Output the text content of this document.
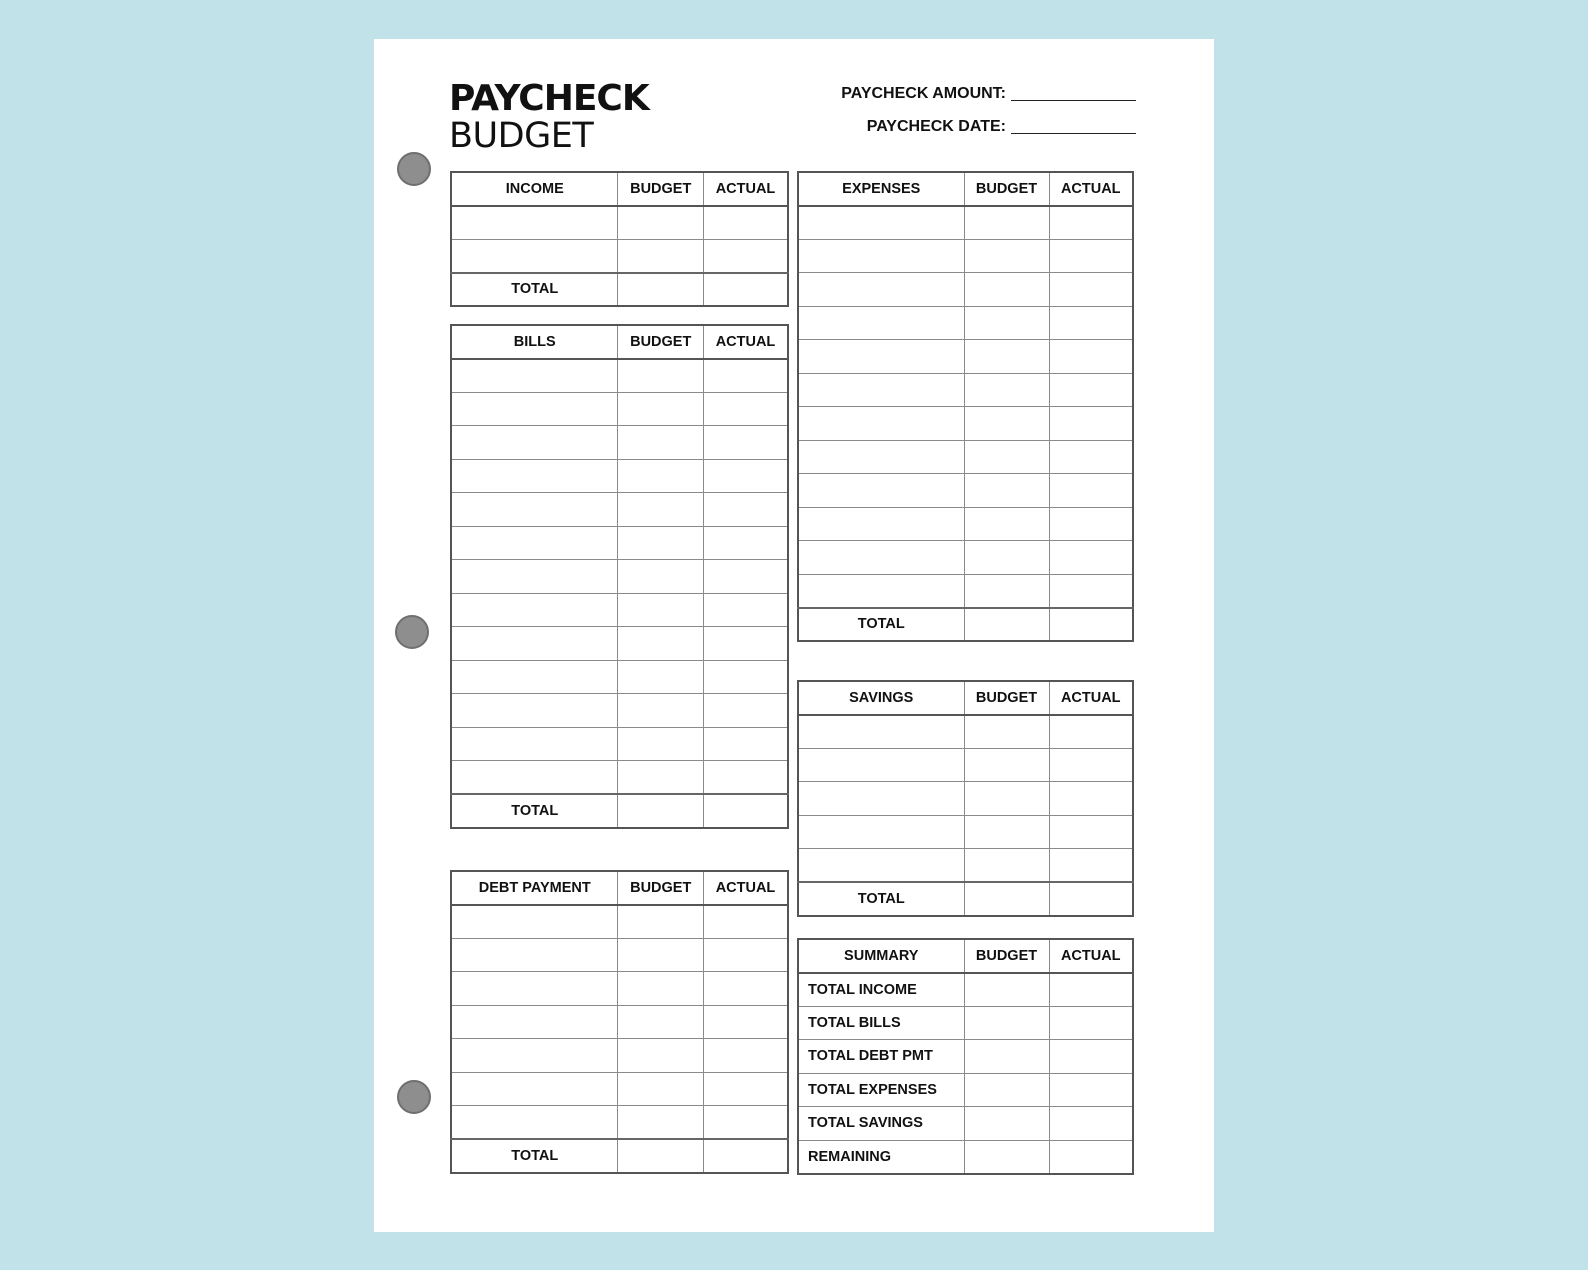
PAYCHECK
BUDGET
PAYCHECK AMOUNT:
PAYCHECK DATE:
INCOME	BUDGET	ACTUAL

TOTAL		
BILLS	BUDGET	ACTUAL

TOTAL		
DEBT PAYMENT	BUDGET	ACTUAL

TOTAL		
EXPENSES	BUDGET	ACTUAL

TOTAL		
SAVINGS	BUDGET	ACTUAL

TOTAL		
SUMMARY	BUDGET	ACTUAL
TOTAL INCOME		
TOTAL BILLS		
TOTAL DEBT PMT		
TOTAL EXPENSES		
TOTAL SAVINGS		
REMAINING		
